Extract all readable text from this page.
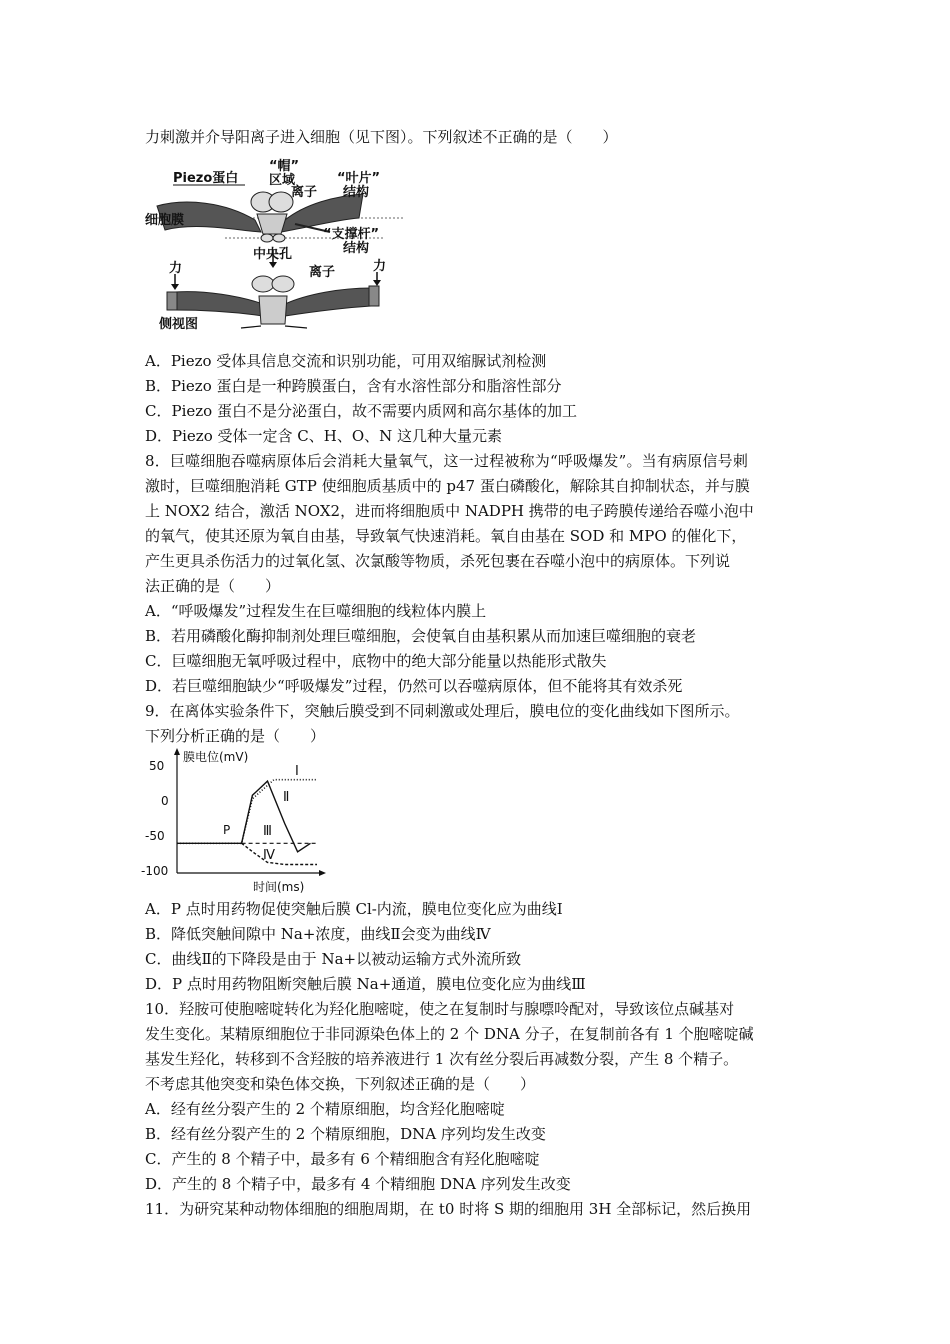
力刺激并介导阳离子进入细胞（见下图）。下列叙述不正确的是（　　）
Piezo蛋白
“帽”
区域
离子
“叶片”
结构
细胞膜
“支撑杆”
结构
中央孔
力	离子	力
侧视图
A．Piezo 受体具信息交流和识别功能，可用双缩脲试剂检测
B．Piezo 蛋白是一种跨膜蛋白，含有水溶性部分和脂溶性部分
C．Piezo 蛋白不是分泌蛋白，故不需要内质网和高尔基体的加工
D．Piezo 受体一定含 C、H、O、N 这几种大量元素
8．巨噬细胞吞噬病原体后会消耗大量氧气，这一过程被称为“呼吸爆发”。当有病原信号刺
激时，巨噬细胞消耗 GTP 使细胞质基质中的 p47 蛋白磷酸化，解除其自抑制状态，并与膜
上 NOX2 结合，激活 NOX2，进而将细胞质中 NADPH 携带的电子跨膜传递给吞噬小泡中
的氧气，使其还原为氧自由基，导致氧气快速消耗。氧自由基在 SOD 和 MPO 的催化下，
产生更具杀伤活力的过氧化氢、次氯酸等物质，杀死包裹在吞噬小泡中的病原体。下列说
法正确的是（　　）
A．“呼吸爆发”过程发生在巨噬细胞的线粒体内膜上
B．若用磷酸化酶抑制剂处理巨噬细胞，会使氧自由基积累从而加速巨噬细胞的衰老
C．巨噬细胞无氧呼吸过程中，底物中的绝大部分能量以热能形式散失
D．若巨噬细胞缺少“呼吸爆发”过程，仍然可以吞噬病原体，但不能将其有效杀死
9．在离体实验条件下，突触后膜受到不同刺激或处理后，膜电位的变化曲线如下图所示。
下列分析正确的是（　　）
膜电位(mV)
时间(ms)
50
0
-50
-100
P
Ⅰ
Ⅱ
Ⅲ
Ⅳ
A．P 点时用药物促使突触后膜 Cl-内流，膜电位变化应为曲线Ⅰ
B．降低突触间隙中 Na+浓度，曲线Ⅱ会变为曲线Ⅳ
C．曲线Ⅱ的下降段是由于 Na+以被动运输方式外流所致
D．P 点时用药物阻断突触后膜 Na+通道，膜电位变化应为曲线Ⅲ
10．羟胺可使胞嘧啶转化为羟化胞嘧啶，使之在复制时与腺嘌呤配对，导致该位点碱基对
发生变化。某精原细胞位于非同源染色体上的 2 个 DNA 分子，在复制前各有 1 个胞嘧啶碱
基发生羟化，转移到不含羟胺的培养液进行 1 次有丝分裂后再减数分裂，产生 8 个精子。
不考虑其他突变和染色体交换，下列叙述正确的是（　　）
A．经有丝分裂产生的 2 个精原细胞，均含羟化胞嘧啶
B．经有丝分裂产生的 2 个精原细胞，DNA 序列均发生改变
C．产生的 8 个精子中，最多有 6 个精细胞含有羟化胞嘧啶
D．产生的 8 个精子中，最多有 4 个精细胞 DNA 序列发生改变
11．为研究某种动物体细胞的细胞周期，在 t0 时将 S 期的细胞用 3H 全部标记，然后换用
